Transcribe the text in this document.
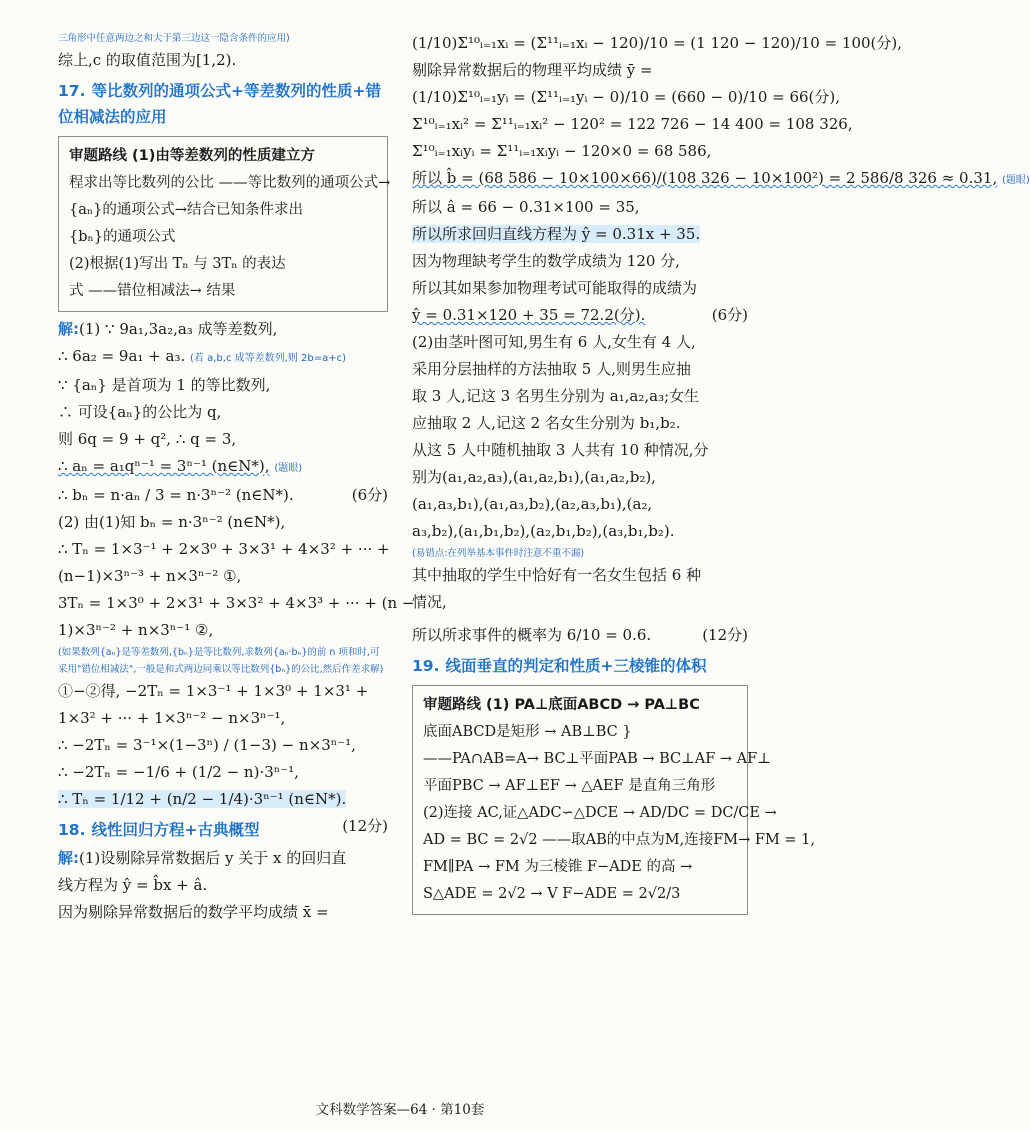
三角形中任意两边之和大于第三边这一隐含条件的应用)
综上,c 的取值范围为[1,2).
17. 等比数列的通项公式+等差数列的性质+错
位相减法的应用
审题路线 (1)由等差数列的性质建立方
程求出等比数列的公比 ——等比数列的通项公式→
{aₙ}的通项公式→结合已知条件求出
{bₙ}的通项公式
(2)根据(1)写出 Tₙ 与 3Tₙ 的表达
式 ——错位相减法→ 结果
解:(1) ∵ 9a₁,3a₂,a₃ 成等差数列,
∴ 6a₂ = 9a₁ + a₃. (若 a,b,c 成等差数列,则 2b=a+c)
∵ {aₙ} 是首项为 1 的等比数列,
∴ 可设{aₙ}的公比为 q,
则 6q = 9 + q², ∴ q = 3,
∴ aₙ = a₁qⁿ⁻¹ = 3ⁿ⁻¹ (n∈N*), (题眼)
∴ bₙ = n·aₙ / 3 = n·3ⁿ⁻² (n∈N*).	(6分)
(2) 由(1)知 bₙ = n·3ⁿ⁻² (n∈N*),
∴ Tₙ = 1×3⁻¹ + 2×3⁰ + 3×3¹ + 4×3² + ··· +
(n−1)×3ⁿ⁻³ + n×3ⁿ⁻² ①,
3Tₙ = 1×3⁰ + 2×3¹ + 3×3² + 4×3³ + ··· + (n −
1)×3ⁿ⁻² + n×3ⁿ⁻¹ ②,
(如果数列{aₙ}是等差数列,{bₙ}是等比数列,求数列{aₙ·bₙ}的前 n 项和时,可采用"错位相减法",一般是和式两边同乘以等比数列{bₙ}的公比,然后作差求解)
①−②得, −2Tₙ = 1×3⁻¹ + 1×3⁰ + 1×3¹ +
1×3² + ··· + 1×3ⁿ⁻² − n×3ⁿ⁻¹,
∴ −2Tₙ = 3⁻¹×(1−3ⁿ) / (1−3) − n×3ⁿ⁻¹,
∴ −2Tₙ = −1/6 + (1/2 − n)·3ⁿ⁻¹,
∴ Tₙ = 1/12 + (n/2 − 1/4)·3ⁿ⁻¹ (n∈N*).
(12分)
18. 线性回归方程+古典概型
解:(1)设剔除异常数据后 y 关于 x 的回归直
线方程为 ŷ = b̂x + â.
因为剔除异常数据后的数学平均成绩 x̄ =
(1/10)Σ¹⁰ᵢ₌₁xᵢ = (Σ¹¹ᵢ₌₁xᵢ − 120)/10 = (1 120 − 120)/10 = 100(分),
剔除异常数据后的物理平均成绩 ȳ =
(1/10)Σ¹⁰ᵢ₌₁yᵢ = (Σ¹¹ᵢ₌₁yᵢ − 0)/10 = (660 − 0)/10 = 66(分),
Σ¹⁰ᵢ₌₁xᵢ² = Σ¹¹ᵢ₌₁xᵢ² − 120² = 122 726 − 14 400 = 108 326,
Σ¹⁰ᵢ₌₁xᵢyᵢ = Σ¹¹ᵢ₌₁xᵢyᵢ − 120×0 = 68 586,
所以 b̂ = (68 586 − 10×100×66)/(108 326 − 10×100²) = 2 586/8 326 ≈ 0.31, (题眼)
所以 â = 66 − 0.31×100 = 35,
所以所求回归直线方程为 ŷ = 0.31x + 35.
因为物理缺考学生的数学成绩为 120 分,
所以其如果参加物理考试可能取得的成绩为
ŷ = 0.31×120 + 35 = 72.2(分).	(6分)
(2)由茎叶图可知,男生有 6 人,女生有 4 人,
采用分层抽样的方法抽取 5 人,则男生应抽
取 3 人,记这 3 名男生分别为 a₁,a₂,a₃;女生
应抽取 2 人,记这 2 名女生分别为 b₁,b₂.
从这 5 人中随机抽取 3 人共有 10 种情况,分
别为(a₁,a₂,a₃),(a₁,a₂,b₁),(a₁,a₂,b₂),
(a₁,a₃,b₁),(a₁,a₃,b₂),(a₂,a₃,b₁),(a₂,
a₃,b₂),(a₁,b₁,b₂),(a₂,b₁,b₂),(a₃,b₁,b₂).
(易错点:在列举基本事件时注意不重不漏)
其中抽取的学生中恰好有一名女生包括 6 种
情况,
所以所求事件的概率为 6/10 = 0.6.	(12分)
19. 线面垂直的判定和性质+三棱锥的体积
审题路线 (1) PA⊥底面ABCD → PA⊥BC
底面ABCD是矩形 → AB⊥BC }
——PA∩AB=A→ BC⊥平面PAB → BC⊥AF → AF⊥
平面PBC → AF⊥EF → △AEF 是直角三角形
(2)连接 AC,证△ADC∽△DCE → AD/DC = DC/CE →
AD = BC = 2√2 ——取AB的中点为M,连接FM→ FM = 1,
FM∥PA → FM 为三棱锥 F−ADE 的高 →
S△ADE = 2√2 → V F−ADE = 2√2/3
文科数学答案—64 · 第10套
